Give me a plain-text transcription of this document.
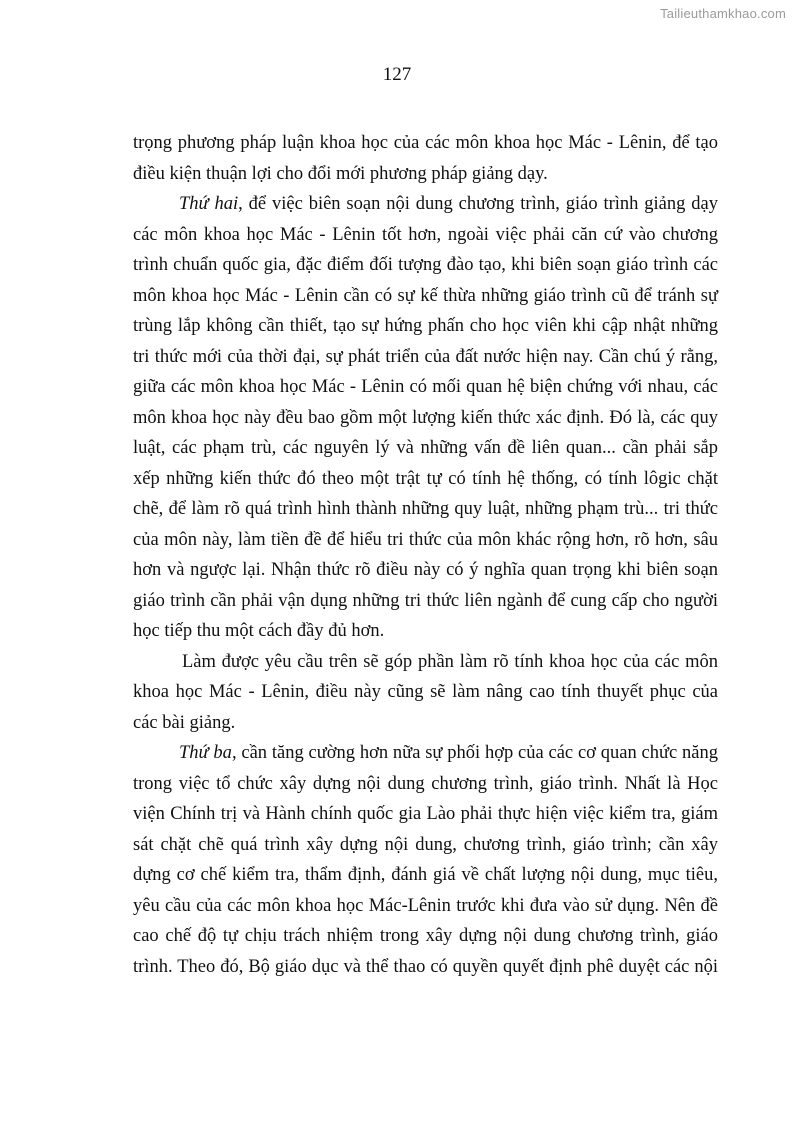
Tailieuthamkhao.com
127
trọng phương pháp luận khoa học của các môn khoa học Mác - Lênin, để tạo
điều kiện thuận lợi cho đổi mới phương pháp giảng dạy.
Thứ hai, để việc biên soạn nội dung chương trình, giáo trình giảng dạy
các môn khoa học Mác - Lênin tốt hơn, ngoài việc phải căn cứ vào chương
trình chuẩn quốc gia, đặc điểm đối tượng đào tạo, khi biên soạn giáo trình các
môn khoa học Mác - Lênin cần có sự kế thừa những giáo trình cũ để tránh sự
trùng lắp không cần thiết, tạo sự hứng phấn cho học viên khi cập nhật những
tri thức mới của thời đại, sự phát triển của đất nước hiện nay. Cần chú ý rằng,
giữa các môn khoa học Mác - Lênin có mối quan hệ biện chứng với nhau, các
môn khoa học này đều bao gồm một lượng kiến thức xác định. Đó là, các quy
luật, các phạm trù, các nguyên lý và những vấn đề liên quan... cần phải sắp
xếp những kiến thức đó theo một trật tự có tính hệ thống, có tính lôgic chặt
chẽ, để làm rõ quá trình hình thành những quy luật, những phạm trù... tri thức
của môn này, làm tiền đề để hiểu tri thức của môn khác rộng hơn, rõ hơn, sâu
hơn và ngược lại. Nhận thức rõ điều này có ý nghĩa quan trọng khi biên soạn
giáo trình cần phải vận dụng những tri thức liên ngành để cung cấp cho người
học tiếp thu một cách đầy đủ hơn.
Làm được yêu cầu trên sẽ góp phần làm rõ tính khoa học của các môn
khoa học Mác - Lênin, điều này cũng sẽ làm nâng cao tính thuyết phục của
các bài giảng.
Thứ ba, cần tăng cường hơn nữa sự phối hợp của các cơ quan chức năng
trong việc tổ chức xây dựng nội dung chương trình, giáo trình. Nhất là Học
viện Chính trị và Hành chính quốc gia Lào phải thực hiện việc kiểm tra, giám
sát chặt chẽ quá trình xây dựng nội dung, chương trình, giáo trình; cần xây
dựng cơ chế kiểm tra, thẩm định, đánh giá về chất lượng nội dung, mục tiêu,
yêu cầu của các môn khoa học Mác-Lênin trước khi đưa vào sử dụng. Nên đề
cao chế độ tự chịu trách nhiệm trong xây dựng nội dung chương trình, giáo
trình. Theo đó, Bộ giáo dục và thể thao có quyền quyết định phê duyệt các nội
